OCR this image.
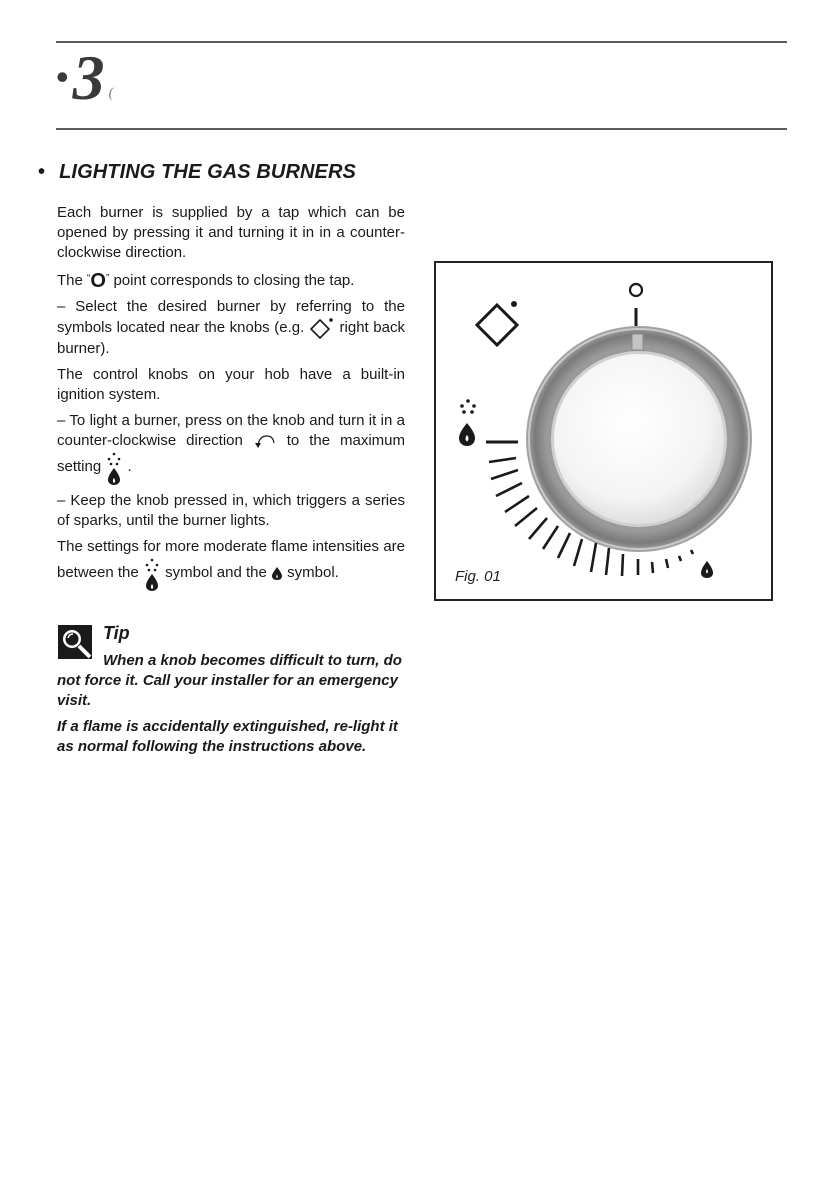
•3 (
• LIGHTING THE GAS BURNERS

Each burner is supplied by a tap which can be opened by pressing it and turning it in in a counter-clockwise direction.

The “O” point corresponds to closing the tap.

– Select the desired burner by referring to the symbols located near the knobs (e.g. right back burner).

The control knobs on your hob have a built-in ignition system.

– To light a burner, press on the knob and turn it in a counter-clockwise direction	to the maximum setting .

– Keep the knob pressed in, which triggers a series of sparks, until the burner lights.

The settings for more moderate flame intensities are between the symbol and the symbol.

Tip

When a knob becomes difficult to turn, do not force it. Call your installer for an emergency visit.

If a flame is accidentally extinguished, re-light it as normal following the instructions above.

O
Fig. 01
